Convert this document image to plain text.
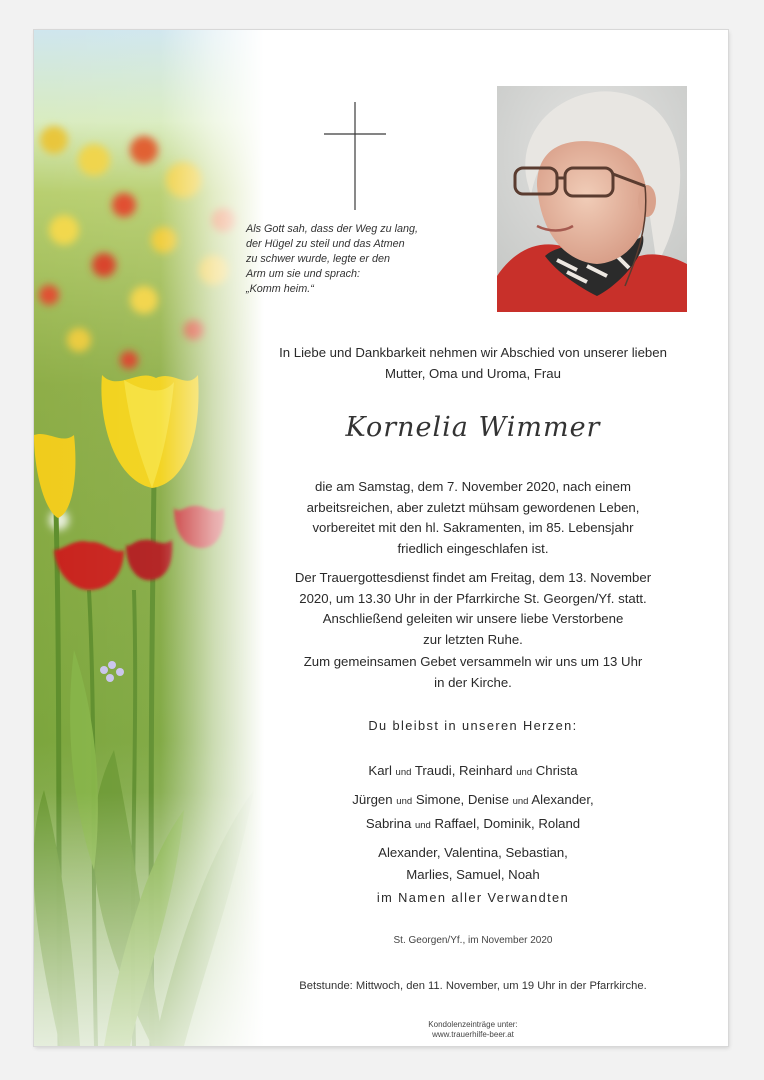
Als Gott sah, dass der Weg zu lang,
der Hügel zu steil und das Atmen
zu schwer wurde, legte er den
Arm um sie und sprach:
„Komm heim.“

In Liebe und Dankbarkeit nehmen wir Abschied von unserer lieben
Mutter, Oma und Uroma, Frau
Kornelia Wimmer
die am Samstag, dem 7. November 2020, nach einem
arbeitsreichen, aber zuletzt mühsam gewordenen Leben,
vorbereitet mit den hl. Sakramenten, im 85. Lebensjahr
friedlich eingeschlafen ist.
Der Trauergottesdienst findet am Freitag, dem 13. November
2020, um 13.30 Uhr in der Pfarrkirche St. Georgen/Yf. statt.
Anschließend geleiten wir unsere liebe Verstorbene
zur letzten Ruhe.
Zum gemeinsamen Gebet versammeln wir uns um 13 Uhr
in der Kirche.
Du bleibst in unseren Herzen:
Karl und Traudi, Reinhard und Christa
Jürgen und Simone, Denise und Alexander,
Sabrina und Raffael, Dominik, Roland
Alexander, Valentina, Sebastian,
Marlies, Samuel, Noah
im Namen aller Verwandten
St. Georgen/Yf., im November 2020
Betstunde: Mittwoch, den 11. November, um 19 Uhr in der Pfarrkirche.
Kondolenzeinträge unter:
www.trauerhilfe-beer.at
